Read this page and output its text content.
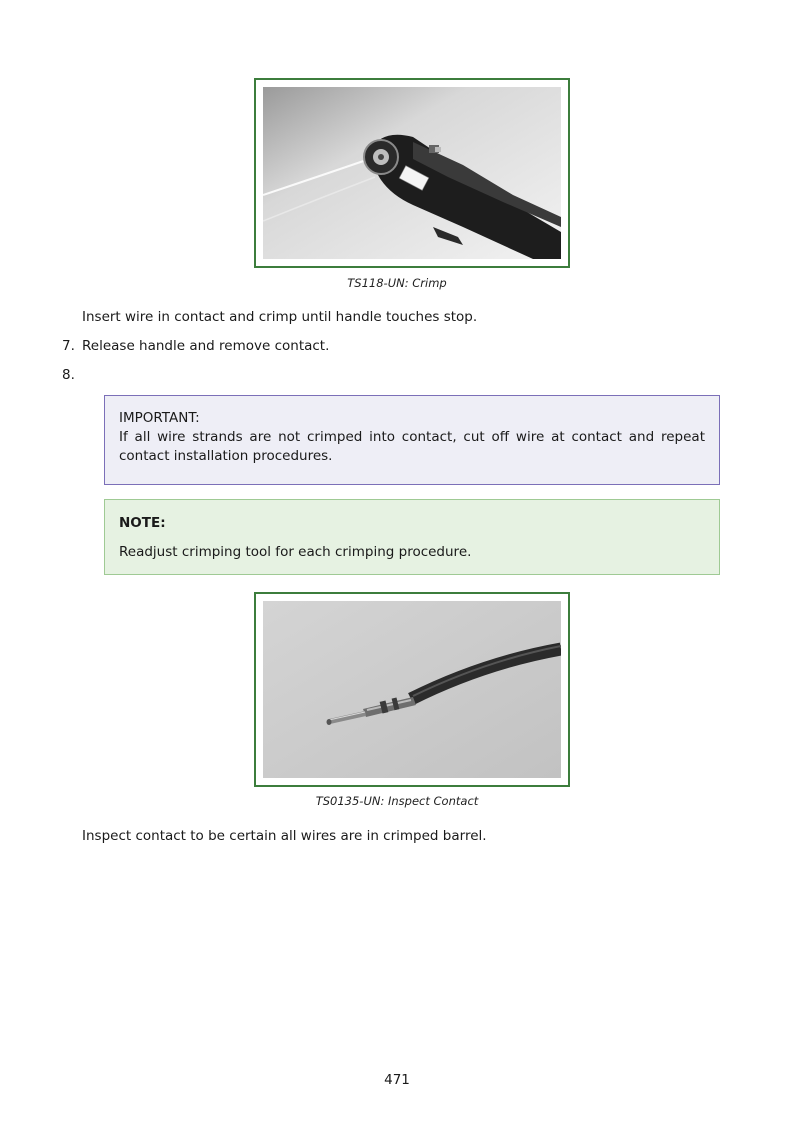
TS118-UN: Crimp
Insert wire in contact and crimp until handle touches stop.
7. Release handle and remove contact.
8.
IMPORTANT:
If all wire strands are not crimped into contact, cut off wire at contact and repeat contact installation procedures.
NOTE:
Readjust crimping tool for each crimping procedure.
TS0135-UN: Inspect Contact
Inspect contact to be certain all wires are in crimped barrel.
471
